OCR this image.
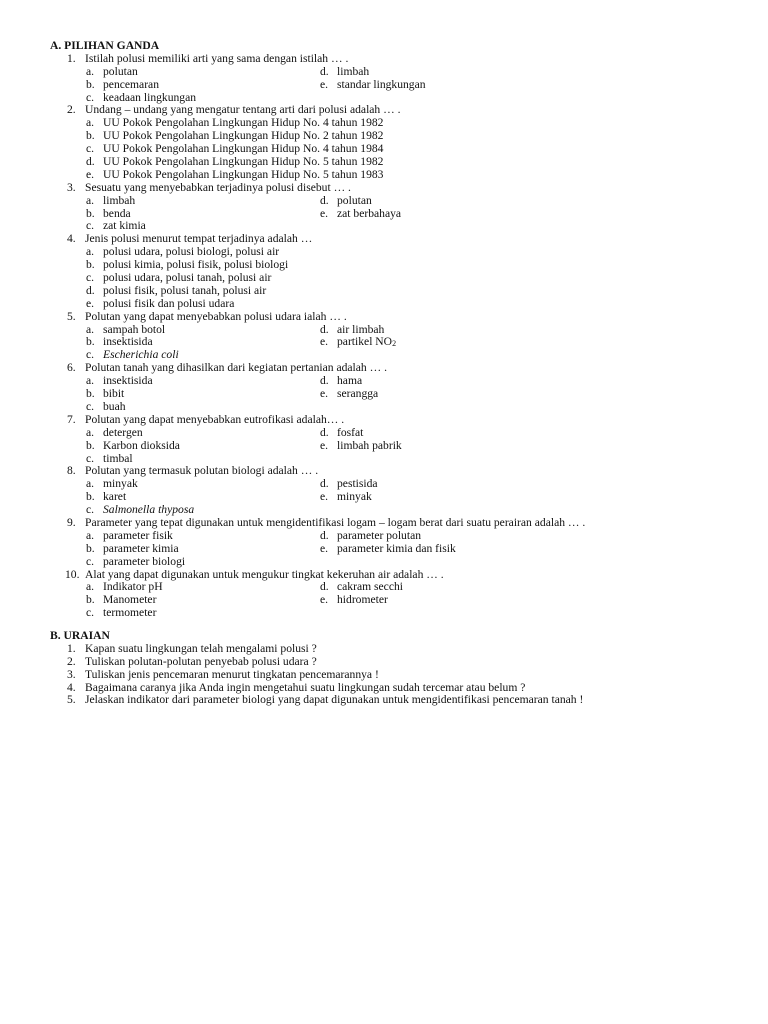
A. PILIHAN GANDA
1. Istilah polusi memiliki arti yang sama dengan istilah … .
a. polutan	d. limbah
b. pencemaran	e. standar lingkungan
c. keadaan lingkungan
2. Undang – undang yang mengatur tentang arti dari polusi adalah … .
a. UU Pokok Pengolahan Lingkungan Hidup No. 4 tahun 1982
b. UU Pokok Pengolahan Lingkungan Hidup No. 2 tahun 1982
c. UU Pokok Pengolahan Lingkungan Hidup No. 4 tahun 1984
d. UU Pokok Pengolahan Lingkungan Hidup No. 5 tahun 1982
e. UU Pokok Pengolahan Lingkungan Hidup No. 5 tahun 1983
3. Sesuatu yang menyebabkan terjadinya polusi disebut … .
a. limbah	d. polutan
b. benda	e. zat berbahaya
c. zat kimia
4. Jenis polusi menurut tempat terjadinya adalah …
a. polusi udara, polusi biologi, polusi air
b. polusi kimia, polusi fisik, polusi biologi
c. polusi udara, polusi tanah, polusi air
d. polusi fisik, polusi tanah, polusi air
e. polusi fisik dan polusi udara
5. Polutan yang dapat menyebabkan polusi udara ialah … .
a. sampah botol	d. air limbah
b. insektisida	e. partikel $NO_2$
c. Escherichia coli
6. Polutan tanah yang dihasilkan dari kegiatan pertanian adalah … .
a. insektisida	d. hama
b. bibit	e. serangga
c. buah
7. Polutan yang dapat menyebabkan eutrofikasi adalah… .
a. detergen	d. fosfat
b. Karbon dioksida	e. limbah pabrik
c. timbal
8. Polutan yang termasuk polutan biologi adalah … .
a. minyak	d. pestisida
b. karet	e. minyak
c. Salmonella thyposa
9. Parameter yang tepat digunakan untuk mengidentifikasi logam – logam berat dari suatu perairan adalah … .
a. parameter fisik	d. parameter polutan
b. parameter kimia	e. parameter kimia dan fisik
c. parameter biologi
10. Alat yang dapat digunakan untuk mengukur tingkat kekeruhan air adalah … .
a. Indikator pH	d. cakram secchi
b. Manometer	e. hidrometer
c. termometer
B. URAIAN
1. Kapan suatu lingkungan telah mengalami polusi ?
2. Tuliskan polutan-polutan penyebab polusi udara ?
3. Tuliskan jenis pencemaran menurut tingkatan pencemarannya !
4. Bagaimana caranya jika Anda ingin mengetahui suatu lingkungan sudah tercemar atau belum ?
5. Jelaskan indikator dari parameter biologi yang dapat digunakan untuk mengidentifikasi pencemaran tanah !
